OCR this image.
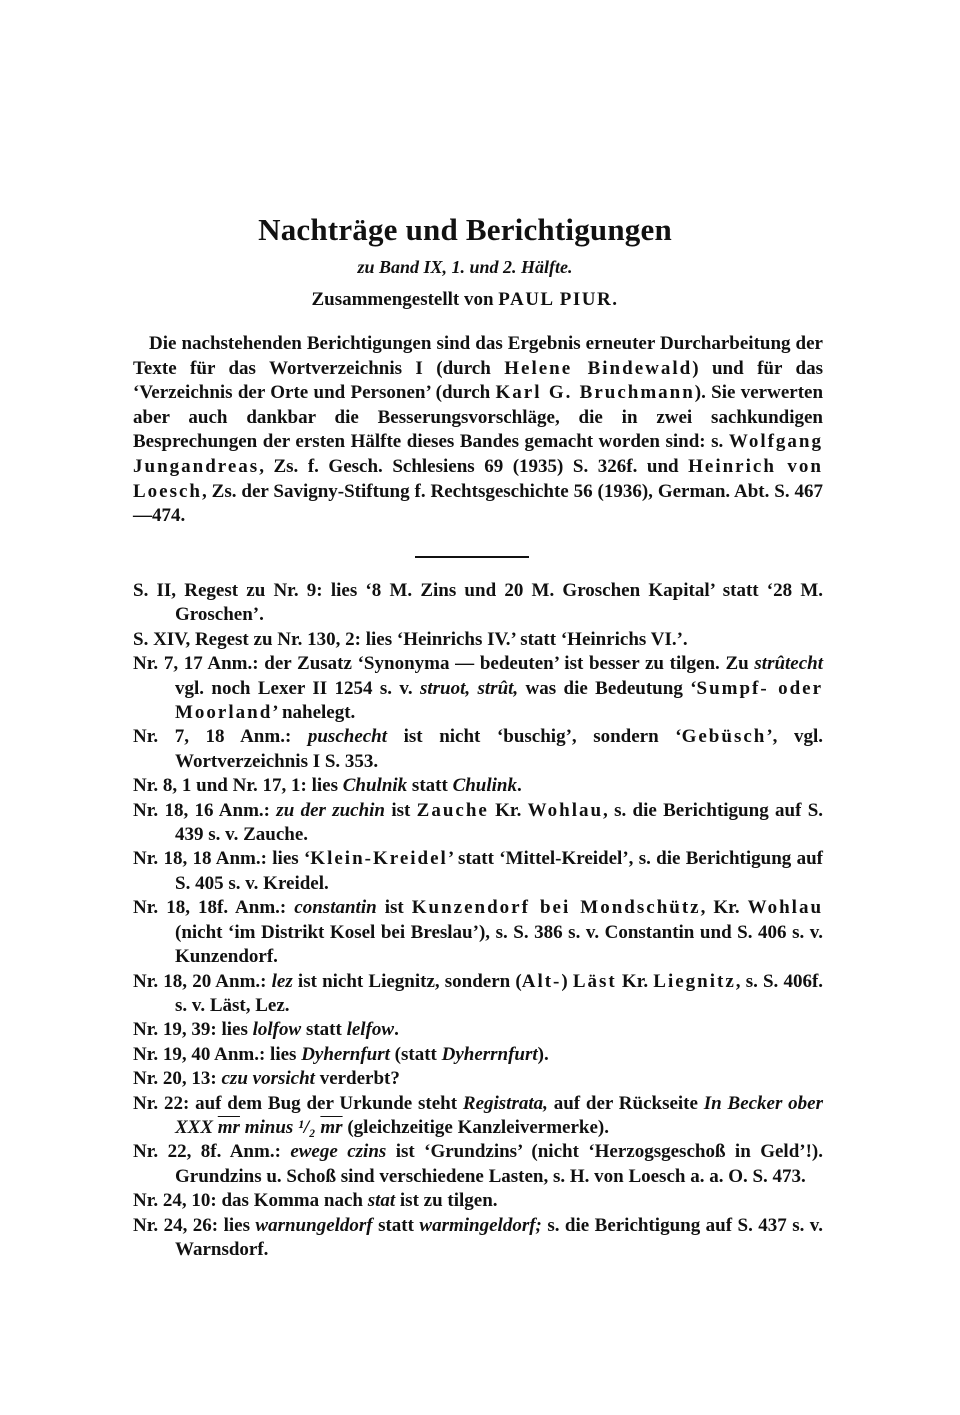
Nachträge und Berichtigungen
zu Band IX, 1. und 2. Hälfte.
Zusammengestellt von PAUL PIUR.

Die nachstehenden Berichtigungen sind das Ergebnis erneuter Durcharbeitung der Texte für das Wortverzeichnis I (durch Helene Bindewald) und für das ‘Verzeichnis der Orte und Personen’ (durch Karl G. Bruchmann). Sie verwerten aber auch dankbar die Besserungsvorschläge, die in zwei sachkundigen Besprechungen der ersten Hälfte dieses Bandes gemacht worden sind: s. Wolfgang Jungandreas, Zs. f. Gesch. Schlesiens 69 (1935) S. 326f. und Heinrich von Loesch, Zs. der Savigny-Stiftung f. Rechtsgeschichte 56 (1936), German. Abt. S. 467—474.

S. II, Regest zu Nr. 9: lies ‘8 M. Zins und 20 M. Groschen Kapital’ statt ‘28 M. Groschen’.

S. XIV, Regest zu Nr. 130, 2: lies ‘Heinrichs IV.’ statt ‘Heinrichs VI.’.

Nr. 7, 17 Anm.: der Zusatz ‘Synonyma — bedeuten’ ist besser zu tilgen. Zu strûtecht vgl. noch Lexer II 1254 s. v. struot, strût, was die Bedeutung ‘Sumpf- oder Moorland’ nahelegt.

Nr. 7, 18 Anm.: puschecht ist nicht ‘buschig’, sondern ‘Gebüsch’, vgl. Wortverzeichnis I S. 353.

Nr. 8, 1 und Nr. 17, 1: lies Chulnik statt Chulink.

Nr. 18, 16 Anm.: zu der zuchin ist Zauche Kr. Wohlau, s. die Berichtigung auf S. 439 s. v. Zauche.

Nr. 18, 18 Anm.: lies ‘Klein-Kreidel’ statt ‘Mittel-Kreidel’, s. die Berichtigung auf S. 405 s. v. Kreidel.

Nr. 18, 18f. Anm.: constantin ist Kunzendorf bei Mondschütz, Kr. Wohlau (nicht ‘im Distrikt Kosel bei Breslau’), s. S. 386 s. v. Constantin und S. 406 s. v. Kunzendorf.

Nr. 18, 20 Anm.: lez ist nicht Liegnitz, sondern (Alt-) Läst Kr. Liegnitz, s. S. 406f. s. v. Läst, Lez.

Nr. 19, 39: lies lolfow statt lelfow.

Nr. 19, 40 Anm.: lies Dyhernfurt (statt Dyherrnfurt).

Nr. 20, 13: czu vorsicht verderbt?

Nr. 22: auf dem Bug der Urkunde steht Registrata, auf der Rückseite In Becker ober XXX $\overline{mr}$ minus ¹/₂ $\overline{mr}$ (gleichzeitige Kanzleivermerke).

Nr. 22, 8f. Anm.: ewege czins ist ‘Grundzins’ (nicht ‘Herzogsgeschoß in Geld’!). Grundzins u. Schoß sind verschiedene Lasten, s. H. von Loesch a. a. O. S. 473.

Nr. 24, 10: das Komma nach stat ist zu tilgen.

Nr. 24, 26: lies warnungeldorf statt warmingeldorf; s. die Berichtigung auf S. 437 s. v. Warnsdorf.
